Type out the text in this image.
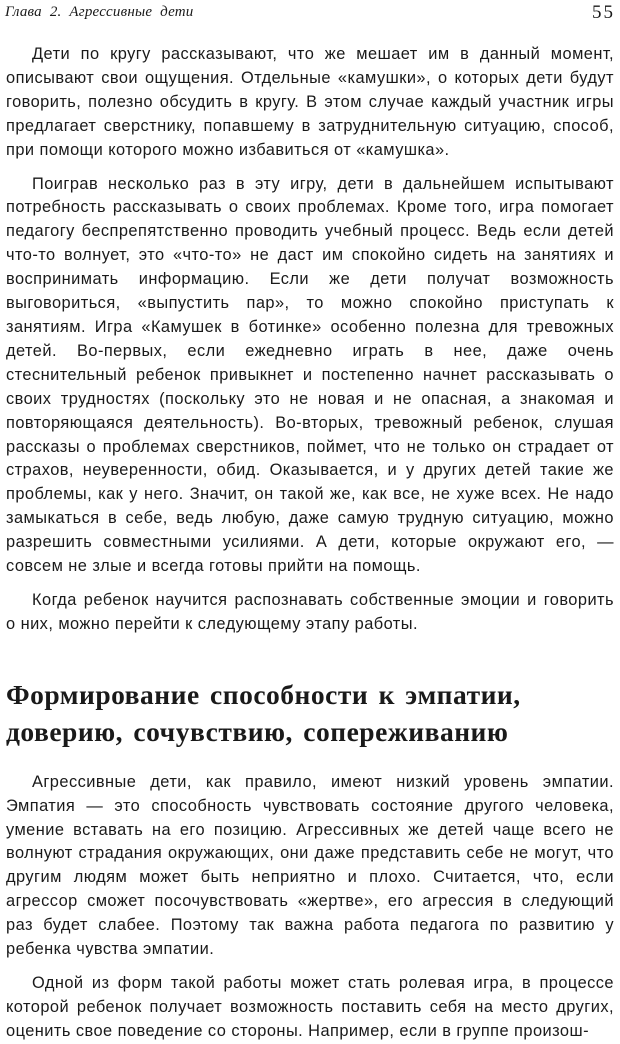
Глава 2. Агрессивные дети	55

Дети по кругу рассказывают, что же мешает им в данный момент, описывают свои ощущения. Отдельные «камушки», о которых дети будут говорить, полезно обсудить в кругу. В этом случае каждый участник игры предлагает сверстнику, попавшему в затруднительную ситуацию, способ, при помощи которого можно избавиться от «камушка».

Поиграв несколько раз в эту игру, дети в дальнейшем испытывают потребность рассказывать о своих проблемах. Кроме того, игра помогает педагогу беспрепятственно проводить учебный процесс. Ведь если детей что-то волнует, это «что-то» не даст им спокойно сидеть на занятиях и воспринимать информацию. Если же дети получат возможность выговориться, «выпустить пар», то можно спокойно приступать к занятиям. Игра «Камушек в ботинке» особенно полезна для тревожных детей. Во-первых, если ежедневно играть в нее, даже очень стеснительный ребенок привыкнет и постепенно начнет рассказывать о своих трудностях (поскольку это не новая и не опасная, а знакомая и повторяющаяся деятельность). Во-вторых, тревожный ребенок, слушая рассказы о проблемах сверстников, поймет, что не только он страдает от страхов, неуверенности, обид. Оказывается, и у других детей такие же проблемы, как у него. Значит, он такой же, как все, не хуже всех. Не надо замыкаться в себе, ведь любую, даже самую трудную ситуацию, можно разрешить совместными усилиями. А дети, которые окружают его, — совсем не злые и всегда готовы прийти на помощь.

Когда ребенок научится распознавать собственные эмоции и говорить о них, можно перейти к следующему этапу работы.

Формирование способности к эмпатии, доверию, сочувствию, сопереживанию

Агрессивные дети, как правило, имеют низкий уровень эмпатии. Эмпатия — это способность чувствовать состояние другого человека, умение вставать на его позицию. Агрессивных же детей чаще всего не волнуют страдания окружающих, они даже представить себе не могут, что другим людям может быть неприятно и плохо. Считается, что, если агрессор сможет посочувствовать «жертве», его агрессия в следующий раз будет слабее. Поэтому так важна работа педагога по развитию у ребенка чувства эмпатии.

Одной из форм такой работы может стать ролевая игра, в процессе которой ребенок получает возможность поставить себя на место других, оценить свое поведение со стороны. Например, если в группе произош-
